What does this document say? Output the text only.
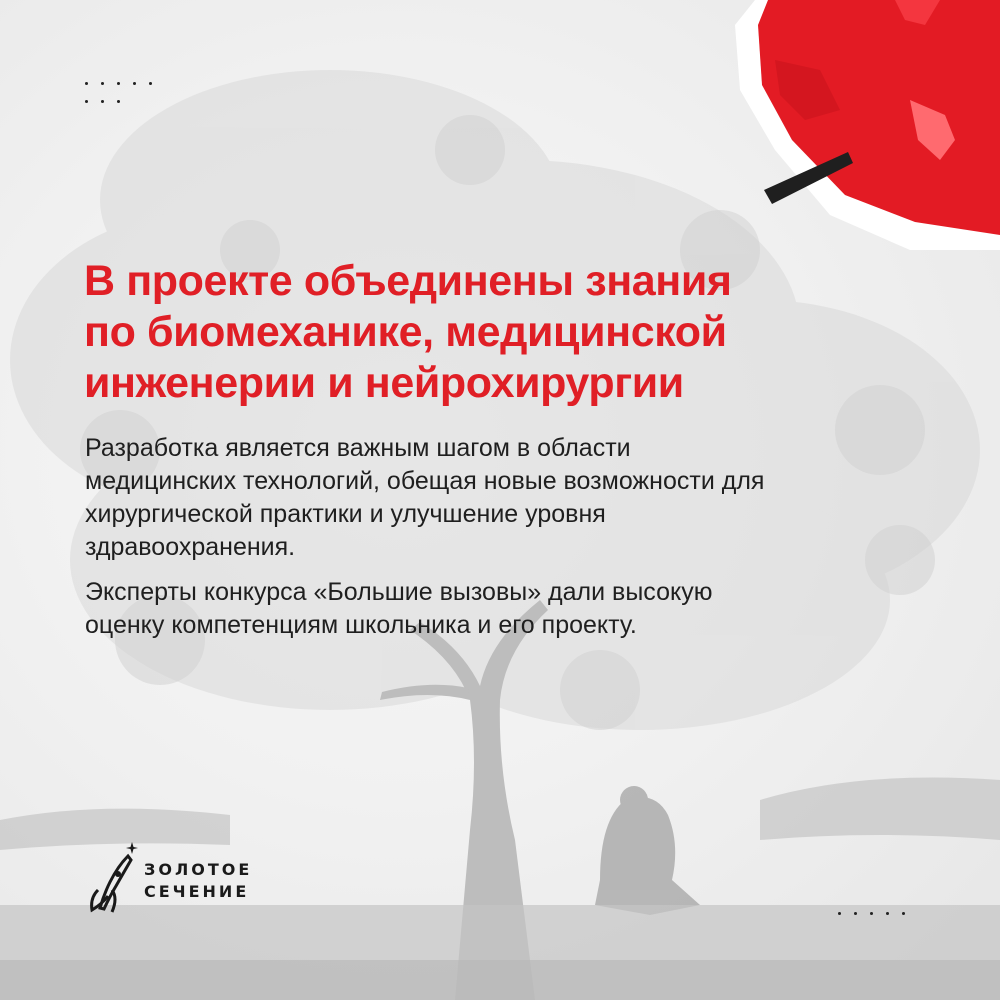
В проекте объединены знания
по биомеханике, медицинской
инженерии и нейрохирургии

Разработка является важным шагом в области
медицинских технологий, обещая новые возможности для
хирургической практики и улучшение уровня
здравоохранения.

Эксперты конкурса «Большие вызовы» дали высокую
оценку компетенциям школьника и его проекту.

ЗОЛОТОЕ
СЕЧЕНИЕ
